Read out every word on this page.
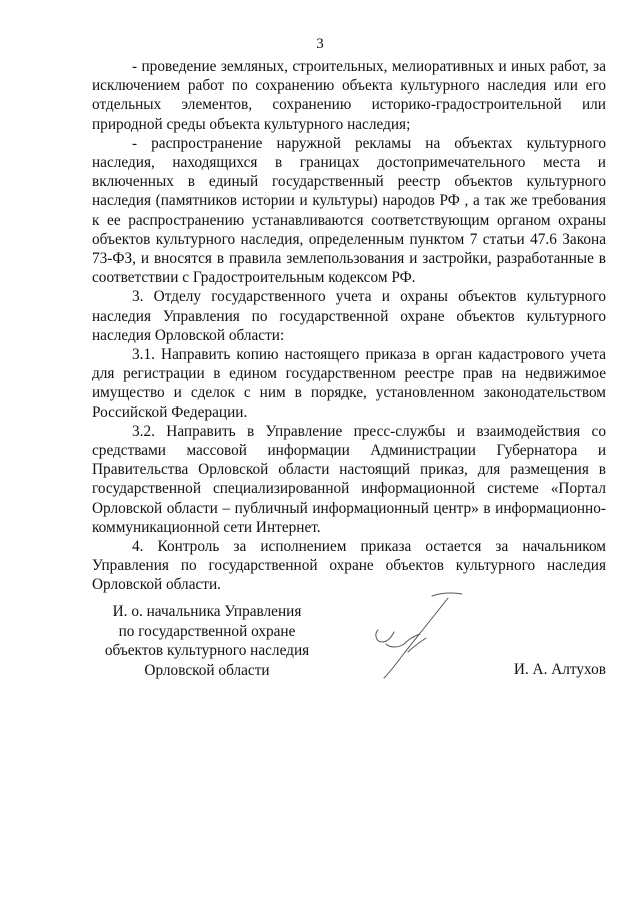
3

- проведение земляных, строительных, мелиоративных и иных работ, за исключением работ по сохранению объекта культурного наследия или его отдельных элементов, сохранению историко-градостроительной или природной среды объекта культурного наследия;

- распространение наружной рекламы на объектах культурного наследия, находящихся в границах достопримечательного места и включенных в единый государственный реестр объектов культурного наследия (памятников истории и культуры) народов РФ , а так же требования к ее распространению устанавливаются соответствующим органом охраны объектов культурного наследия, определенным пунктом 7 статьи 47.6 Закона 73-ФЗ, и вносятся в правила землепользования и застройки, разработанные в соответствии с Градостроительным кодексом РФ.

3. Отделу государственного учета и охраны объектов культурного наследия Управления по государственной охране объектов культурного наследия Орловской области:

3.1. Направить копию настоящего приказа в орган кадастрового учета для регистрации в едином государственном реестре прав на недвижимое имущество и сделок с ним в порядке, установленном законодательством Российской Федерации.

3.2. Направить в Управление пресс-службы и взаимодействия со средствами массовой информации Администрации Губернатора и Правительства Орловской области настоящий приказ, для размещения в государственной специализированной информационной системе «Портал Орловской области – публичный информационный центр» в информационно-коммуникационной сети Интернет.

4. Контроль за исполнением приказа остается за начальником Управления по государственной охране объектов культурного наследия Орловской области.

И. о. начальника Управления
по государственной охране
объектов культурного наследия
Орловской области	И. А. Алтухов
